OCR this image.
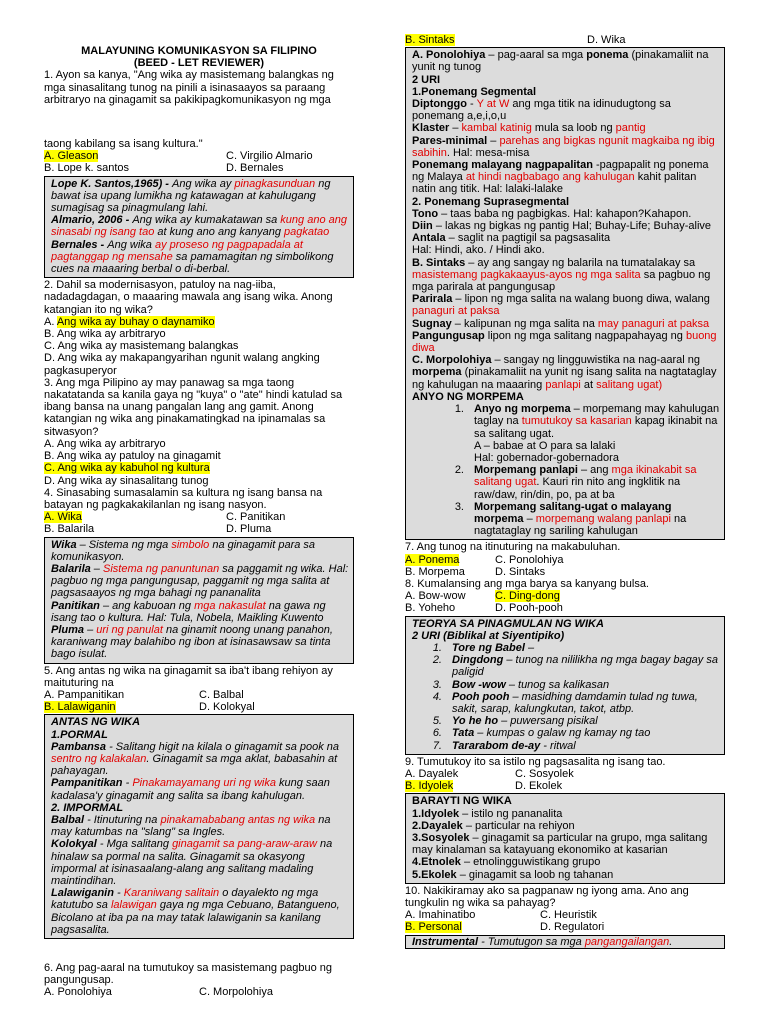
MALAYUNING KOMUNIKASYON SA FILIPINO

(BEED - LET REVIEWER)

1. Ayon sa kanya, "Ang wika ay masistemang balangkas ng mga sinasalitang tunog na pinili a isinasaayos sa paraang arbitraryo na ginagamit sa pakikipagkomunikasyon ng mga

taong kabilang sa isang kultura."

A. Gleason	C. Virgilio Almario
B. Lope k. santos	D. Bernales

Lope K. Santos,1965) - Ang wika ay pinagkasunduan ng bawat isa upang lumikha ng katawagan at kahulugang sumagisag sa pinagmulang lahi.

Almario, 2006 - Ang wika ay kumakatawan sa kung ano ang sinasabi ng isang tao at kung ano ang kanyang pagkatao

Bernales - Ang wika ay proseso ng pagpapadala at pagtanggap ng mensahe sa pamamagitan ng simbolikong cues na maaaring berbal o di-berbal.

2. Dahil sa modernisasyon, patuloy na nag-iiba, nadadagdagan, o maaaring mawala ang isang wika. Anong katangian ito ng wika?

A. Ang wika ay buhay o daynamiko

B. Ang wika ay arbitraryo

C. Ang wika ay masistemang balangkas

D. Ang wika ay makapangyarihan ngunit walang angking pagkasuperyor

3. Ang mga Pilipino ay may panawag sa mga taong nakatatanda sa kanila gaya ng "kuya" o "ate" hindi katulad sa ibang bansa na unang pangalan lang ang gamit. Anong katangian ng wika ang pinakamatingkad na ipinamalas sa sitwasyon?

A. Ang wika ay arbitraryo

B. Ang wika ay patuloy na ginagamit

C. Ang wika ay kabuhol ng kultura

D. Ang wika ay sinasalitang tunog

4. Sinasabing sumasalamin sa kultura ng isang bansa na batayan ng pagkakakilanlan ng isang nasyon.

A. Wika	C. Panitikan
B. Balarila	D. Pluma

Wika – Sistema ng mga simbolo na ginagamit para sa komunikasyon.

Balarila – Sistema ng panuntunan sa paggamit ng wika. Hal: pagbuo ng mga pangungusap, paggamit ng mga salita at pagsasaayos ng mga bahagi ng pananalita

Panitikan – ang kabuoan ng mga nakasulat na gawa ng isang tao o kultura. Hal: Tula, Nobela, Maikling Kuwento

Pluma – uri ng panulat na ginamit noong unang panahon, karaniwang may balahibo ng ibon at isinasawsaw sa tinta bago isulat.

5. Ang antas ng wika na ginagamit sa iba't ibang rehiyon ay maituturing na

A. Pampanitikan	C. Balbal
B. Lalawiganin	D. Kolokyal

ANTAS NG WIKA

1.PORMAL

Pambansa - Salitang higit na kilala o ginagamit sa pook na sentro ng kalakalan. Ginagamit sa mga aklat, babasahin at pahayagan.

Pampanitikan - Pinakamayamang uri ng wika kung saan kadalasa'y ginagamit ang salita sa ibang kahulugan.

2. IMPORMAL

Balbal - Itinuturing na pinakamababang antas ng wika na may katumbas na "slang" sa Ingles.

Kolokyal - Mga salitang ginagamit sa pang-araw-araw na hinalaw sa pormal na salita. Ginagamit sa okasyong impormal at isinasaalang-alang ang salitang madaling maintindihan.

Lalawiganin - Karaniwang salitain o dayalekto ng mga katutubo sa lalawigan gaya ng mga Cebuano, Batangueno, Bicolano at iba pa na may tatak lalawiganin sa kanilang pagsasalita.

6. Ang pag-aaral na tumutukoy sa masistemang pagbuo ng pangungusap.

A. Ponolohiya	C. Morpolohiya
B. Sintaks	D. Wika

A. Ponolohiya – pag-aaral sa mga ponema (pinakamaliit na yunit ng tunog

2 URI

1.Ponemang Segmental

Diptonggo - Y at W ang mga titik na idinudugtong sa ponemang a,e,i,o,u

Klaster – kambal katinig mula sa loob ng pantig

Pares-minimal – parehas ang bigkas ngunit magkaiba ng ibig sabihin. Hal: mesa-misa

Ponemang malayang nagpapalitan -pagpapalit ng ponema ng Malaya at hindi nagbabago ang kahulugan kahit palitan natin ang titik. Hal: lalaki-lalake

2. Ponemang Suprasegmental

Tono – taas baba ng pagbigkas. Hal: kahapon?Kahapon.

Diin – lakas ng bigkas ng pantig Hal; Buhay-Life; Buhay-alive

Antala – saglit na pagtigil sa pagsasalita

Hal: Hindi, ako. / Hindi ako.

B. Sintaks – ay ang sangay ng balarila na tumatalakay sa masistemang pagkakaayus-ayos ng mga salita sa pagbuo ng mga parirala at pangungusap

Parirala – lipon ng mga salita na walang buong diwa, walang panaguri at paksa

Sugnay – kalipunan ng mga salita na may panaguri at paksa

Pangungusap lipon ng mga salitang nagpapahayag ng buong diwa

C. Morpolohiya – sangay ng lingguwistika na nag-aaral ng morpema (pinakamaliit na yunit ng isang salita na nagtataglay ng kahulugan na maaaring panlapi at salitang ugat)

ANYO NG MORPEMA

1. Anyo ng morpema – morpemang may kahulugan taglay na tumutukoy sa kasarian kapag ikinabit na sa salitang ugat.
A – babae at O para sa lalaki
Hal: gobernador-gobernadora
2. Morpemang panlapi – ang mga ikinakabit sa salitang ugat. Kauri rin nito ang ingklitik na raw/daw, rin/din, po, pa at ba
3. Morpemang salitang-ugat o malayang morpema – morpemang walang panlapi na nagtataglay ng sariling kahulugan

7. Ang tunog na itinuturing na makabuluhan.

A. Ponema	C. Ponolohiya
B. Morpema	D. Sintaks

8. Kumalansing ang mga barya sa kanyang bulsa.

A. Bow-wow	C. Ding-dong
B. Yoheho	D. Pooh-pooh

TEORYA SA PINAGMULAN NG WIKA

2 URI (Biblikal at Siyentipiko)

1. Tore ng Babel –
2. Dingdong – tunog na nililikha ng mga bagay bagay sa paligid
3. Bow -wow – tunog sa kalikasan
4. Pooh pooh – masidhing damdamin tulad ng tuwa, sakit, sarap, kalungkutan, takot, atbp.
5. Yo he ho – puwersang pisikal
6. Tata – kumpas o galaw ng kamay ng tao
7. Tararabom de-ay - ritwal

9. Tumutukoy ito sa istilo ng pagsasalita ng isang tao.

A. Dayalek	C. Sosyolek
B. Idyolek	D. Ekolek

BARAYTI NG WIKA

1.Idyolek – istilo ng pananalita

2.Dayalek – particular na rehiyon

3.Sosyolek – ginagamit sa particular na grupo, mga salitang may kinalaman sa katayuang ekonomiko at kasarian

4.Etnolek – etnolingguwistikang grupo

5.Ekolek – ginagamit sa loob ng tahanan

10. Nakikiramay ako sa pagpanaw ng iyong ama. Ano ang tungkulin ng wika sa pahayag?

A. Imahinatibo	C. Heuristik
B. Personal	D. Regulatori

Instrumental - Tumutugon sa mga pangangailangan.
